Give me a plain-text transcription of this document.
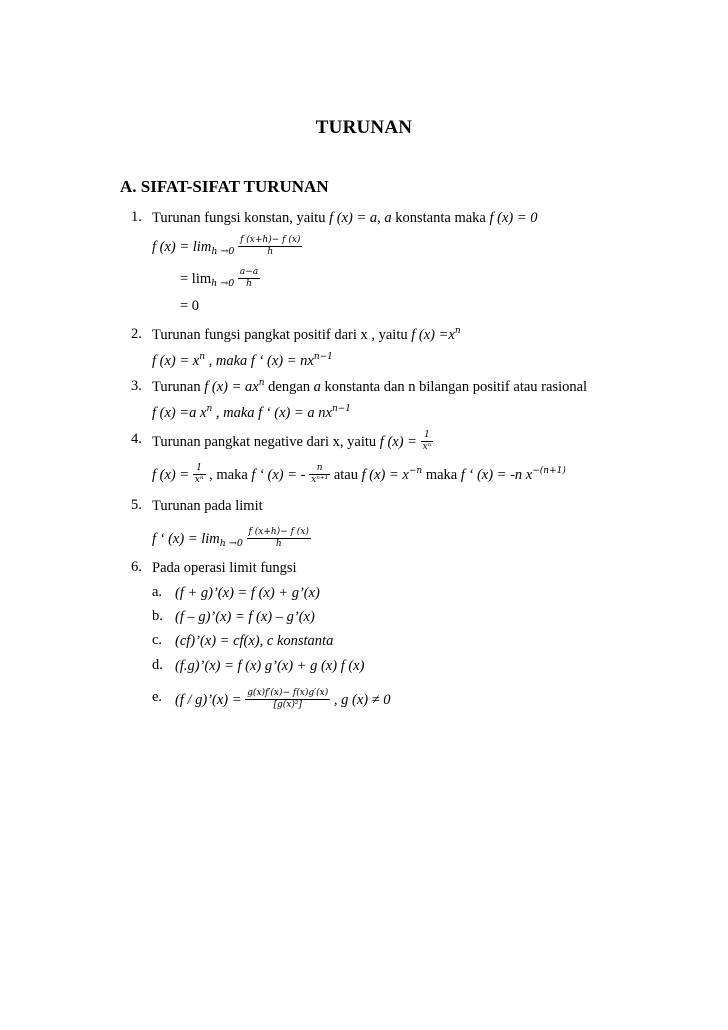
TURUNAN
A. SIFAT-SIFAT TURUNAN
1. Turunan fungsi konstan, yaitu f (x) = a, a konstanta maka f (x) = 0
f $(x) = \lim_{h \to 0} \frac{f (x+h)- f (x)}{h}$
= $\lim_{h \to 0} \frac{a-a}{h}$
= 0
2. Turunan fungsi pangkat positif dari x , yaitu f $(x) =x^n$
f $(x) = x^n$ , maka f ‘ $(x) = nx^{n-1}$
3. Turunan f $(x) = ax^n$ dengan a konstanta dan n bilangan positif atau rasional
f (x) =a $x^n$ , maka f ‘ (x) = a $nx^{n-1}$
4. Turunan pangkat negative dari x, yaitu f $(x) = \frac{1}{\text{xⁿ}}$
f $(x) = \frac{1}{\text{xⁿ}}$ , maka f ‘ (x) = - $\frac{n}{\text{xⁿ⁺¹}}$ atau f $(x) = x^{-n}$ maka f ‘ (x) = -n $x^{-(n+1)}$
5. Turunan pada limit
f ‘ $(x) = \lim_{h \to 0} \frac{f (x+h)- f (x)}{h}$
6. Pada operasi limit fungsi
a. (f + g)’(x) = f (x) + g’(x)
b. (f – g)’(x) = f (x) – g’(x)
c. (cf)’(x) = cf(x), c konstanta
d. (f.g)’(x) = f (x) g’(x) + g (x) f (x)
e. (f / g)’(x) = $\frac{g(x)f'(x)- f(x)g'(x)}{\text{[g(x)²]}}$ , g (x) ≠ 0
